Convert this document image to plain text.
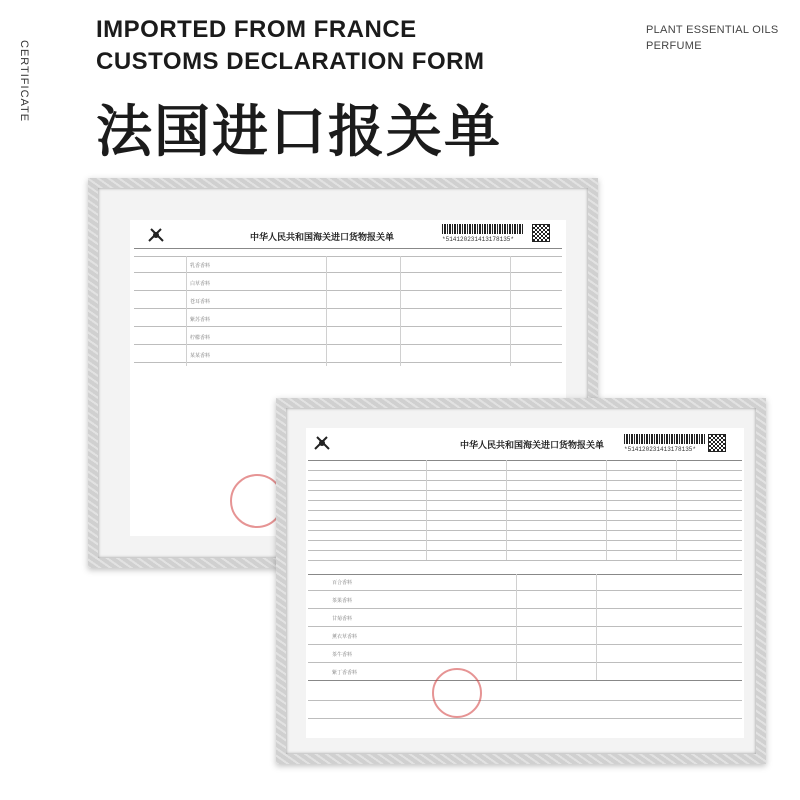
CERTIFICATE
IMPORTED FROM FRANCE
CUSTOMS DECLARATION FORM
PLANT ESSENTIAL OILS
PERFUME
法国进口报关单
中华人民共和国海关进口货物报关单	*514120231413178135*
乳香香料
白草香料
苍耳香料
紫苏香料
柠檬香料
某某香料
中华人民共和国海关进口货物报关单	*514120231413178135*
百合香料
茶果香料
甘菊香料
薰衣草香料
茶牛香料
紫丁香香料
